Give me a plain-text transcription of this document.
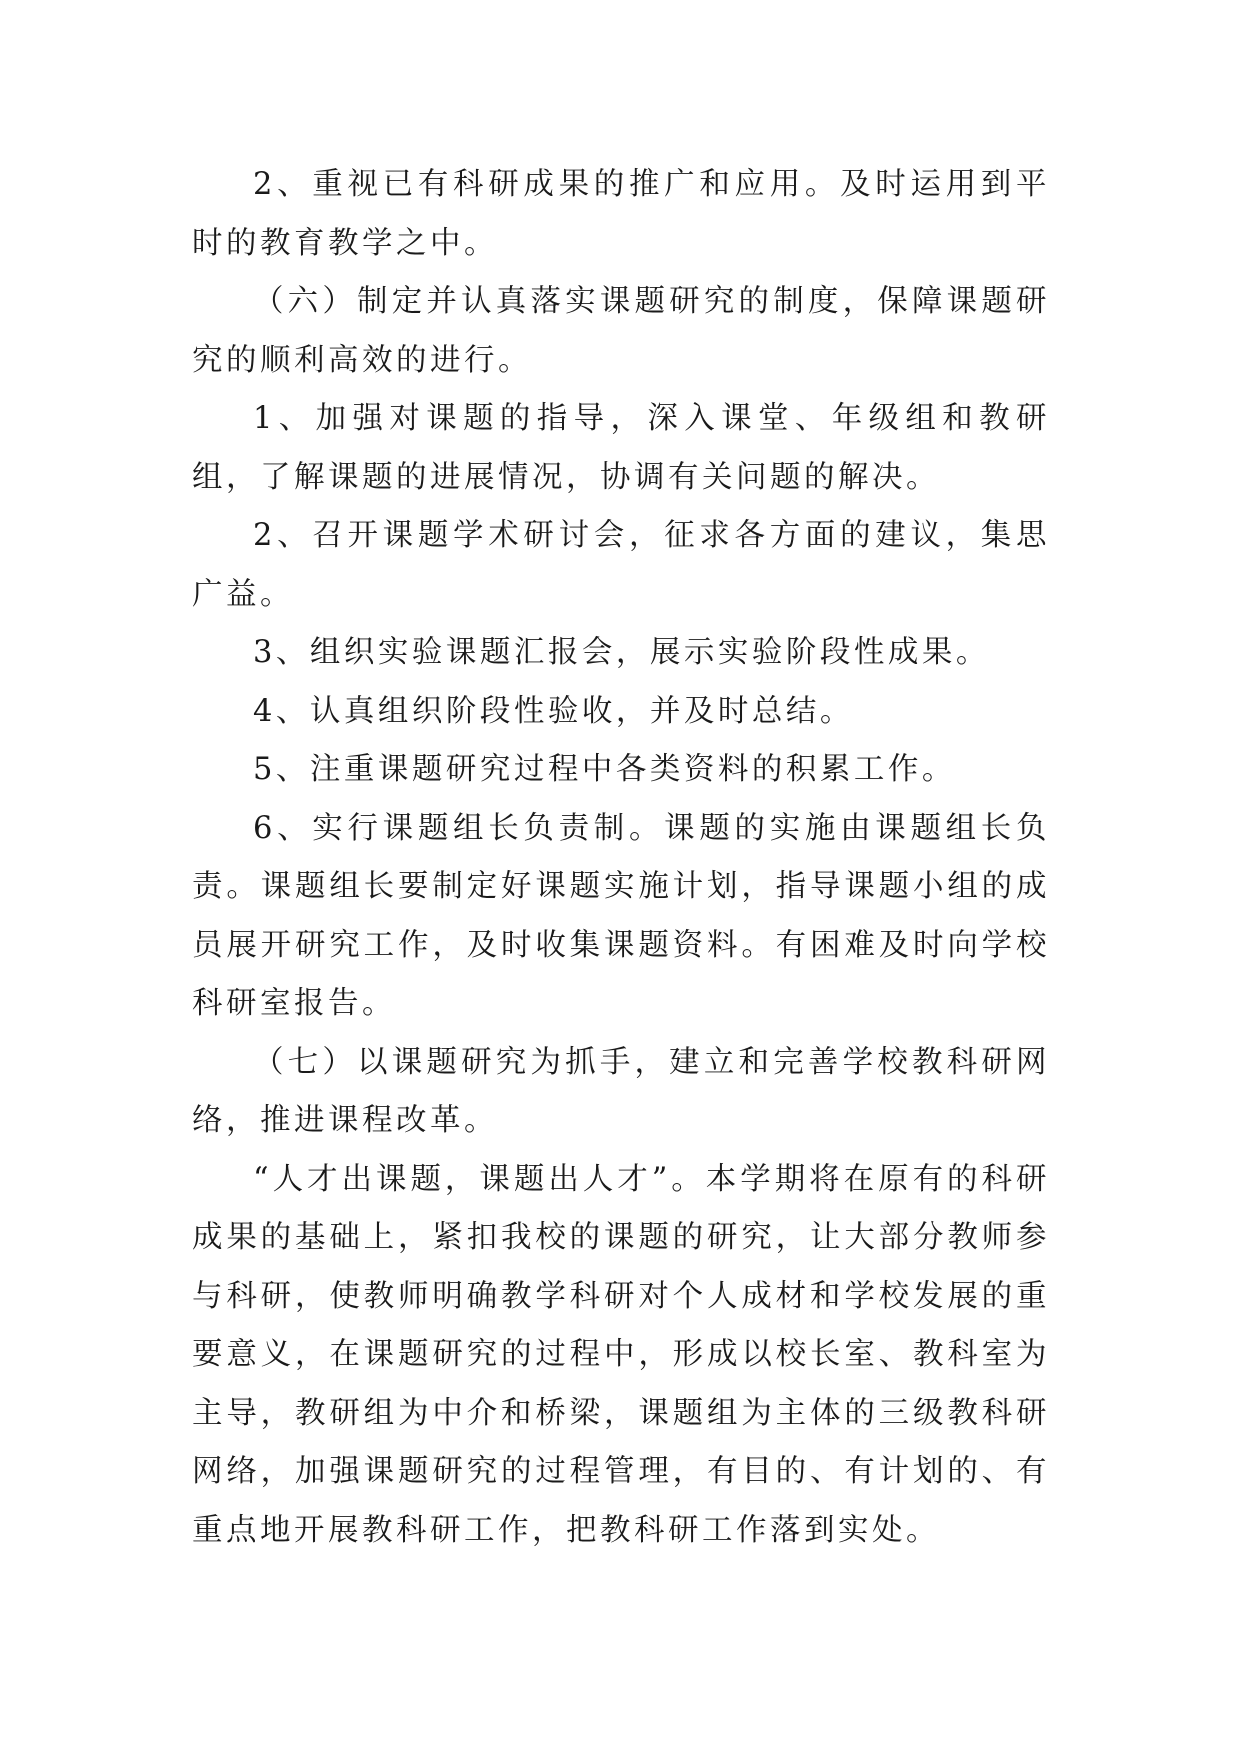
2、重视已有科研成果的推广和应用。及时运用到平时的教育教学之中。

（六）制定并认真落实课题研究的制度，保障课题研究的顺利高效的进行。

1、加强对课题的指导，深入课堂、年级组和教研组，了解课题的进展情况，协调有关问题的解决。

2、召开课题学术研讨会，征求各方面的建议，集思广益。

3、组织实验课题汇报会，展示实验阶段性成果。

4、认真组织阶段性验收，并及时总结。

5、注重课题研究过程中各类资料的积累工作。

6、实行课题组长负责制。课题的实施由课题组长负责。课题组长要制定好课题实施计划，指导课题小组的成员展开研究工作，及时收集课题资料。有困难及时向学校科研室报告。

（七）以课题研究为抓手，建立和完善学校教科研网络，推进课程改革。

“人才出课题，课题出人才”。本学期将在原有的科研成果的基础上，紧扣我校的课题的研究，让大部分教师参与科研，使教师明确教学科研对个人成材和学校发展的重要意义，在课题研究的过程中，形成以校长室、教科室为主导，教研组为中介和桥梁，课题组为主体的三级教科研网络，加强课题研究的过程管理，有目的、有计划的、有重点地开展教科研工作，把教科研工作落到实处。
